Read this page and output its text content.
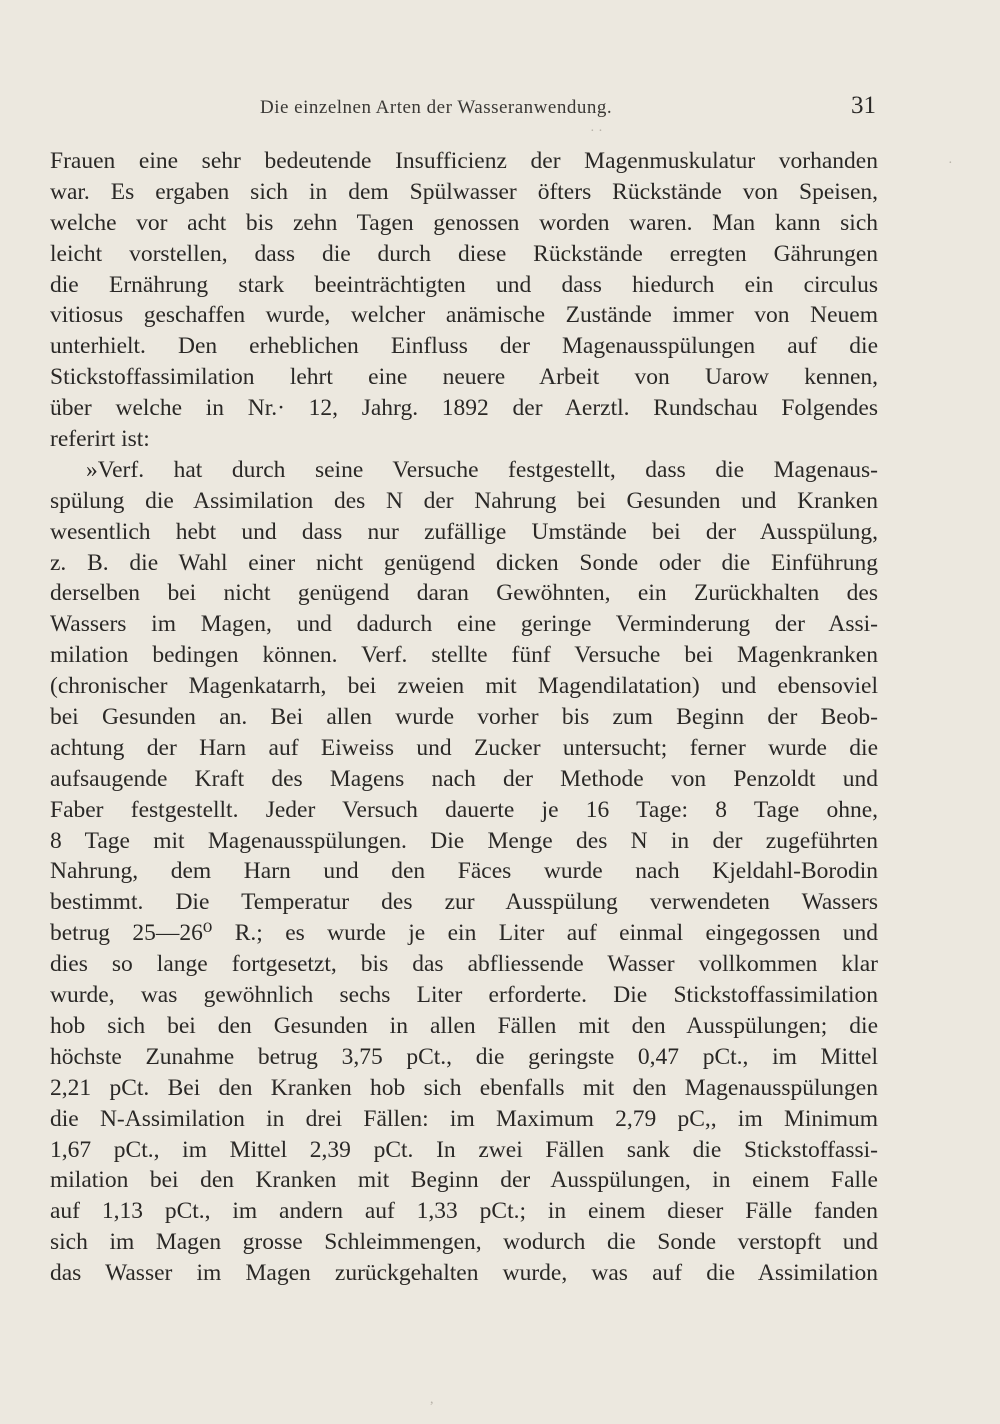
Die einzelnen Arten der Wasseranwendung.	31
· ·
·
,
Frauen eine sehr bedeutende Insufficienz der Magenmuskulatur vorhanden
war. Es ergaben sich in dem Spülwasser öfters Rückstände von Speisen,
welche vor acht bis zehn Tagen genossen worden waren. Man kann sich
leicht vorstellen, dass die durch diese Rückstände erregten Gährungen
die Ernährung stark beeinträchtigten und dass hiedurch ein circulus
vitiosus geschaffen wurde, welcher anämische Zustände immer von Neuem
unterhielt. Den erheblichen Einfluss der Magenausspülungen auf die
Stickstoffassimilation lehrt eine neuere Arbeit von Uarow kennen,
über welche in Nr.· 12, Jahrg. 1892 der Aerztl. Rundschau Folgendes
referirt ist:
»Verf. hat durch seine Versuche festgestellt, dass die Magenaus-
spülung die Assimilation des N der Nahrung bei Gesunden und Kranken
wesentlich hebt und dass nur zufällige Umstände bei der Ausspülung,
z. B. die Wahl einer nicht genügend dicken Sonde oder die Einführung
derselben bei nicht genügend daran Gewöhnten, ein Zurückhalten des
Wassers im Magen, und dadurch eine geringe Verminderung der Assi-
milation bedingen können. Verf. stellte fünf Versuche bei Magenkranken
(chronischer Magenkatarrh, bei zweien mit Magendilatation) und ebensoviel
bei Gesunden an. Bei allen wurde vorher bis zum Beginn der Beob-
achtung der Harn auf Eiweiss und Zucker untersucht; ferner wurde die
aufsaugende Kraft des Magens nach der Methode von Penzoldt und
Faber festgestellt. Jeder Versuch dauerte je 16 Tage: 8 Tage ohne,
8 Tage mit Magenausspülungen. Die Menge des N in der zugeführten
Nahrung, dem Harn und den Fäces wurde nach Kjeldahl-Borodin
bestimmt. Die Temperatur des zur Ausspülung verwendeten Wassers
betrug 25—26⁰ R.; es wurde je ein Liter auf einmal eingegossen und
dies so lange fortgesetzt, bis das abfliessende Wasser vollkommen klar
wurde, was gewöhnlich sechs Liter erforderte. Die Stickstoffassimilation
hob sich bei den Gesunden in allen Fällen mit den Ausspülungen; die
höchste Zunahme betrug 3,75 pCt., die geringste 0,47 pCt., im Mittel
2,21 pCt. Bei den Kranken hob sich ebenfalls mit den Magenausspülungen
die N-Assimilation in drei Fällen: im Maximum 2,79 pC,, im Minimum
1,67 pCt., im Mittel 2,39 pCt. In zwei Fällen sank die Stickstoffassi-
milation bei den Kranken mit Beginn der Ausspülungen, in einem Falle
auf 1,13 pCt., im andern auf 1,33 pCt.; in einem dieser Fälle fanden
sich im Magen grosse Schleimmengen, wodurch die Sonde verstopft und
das Wasser im Magen zurückgehalten wurde, was auf die Assimilation
